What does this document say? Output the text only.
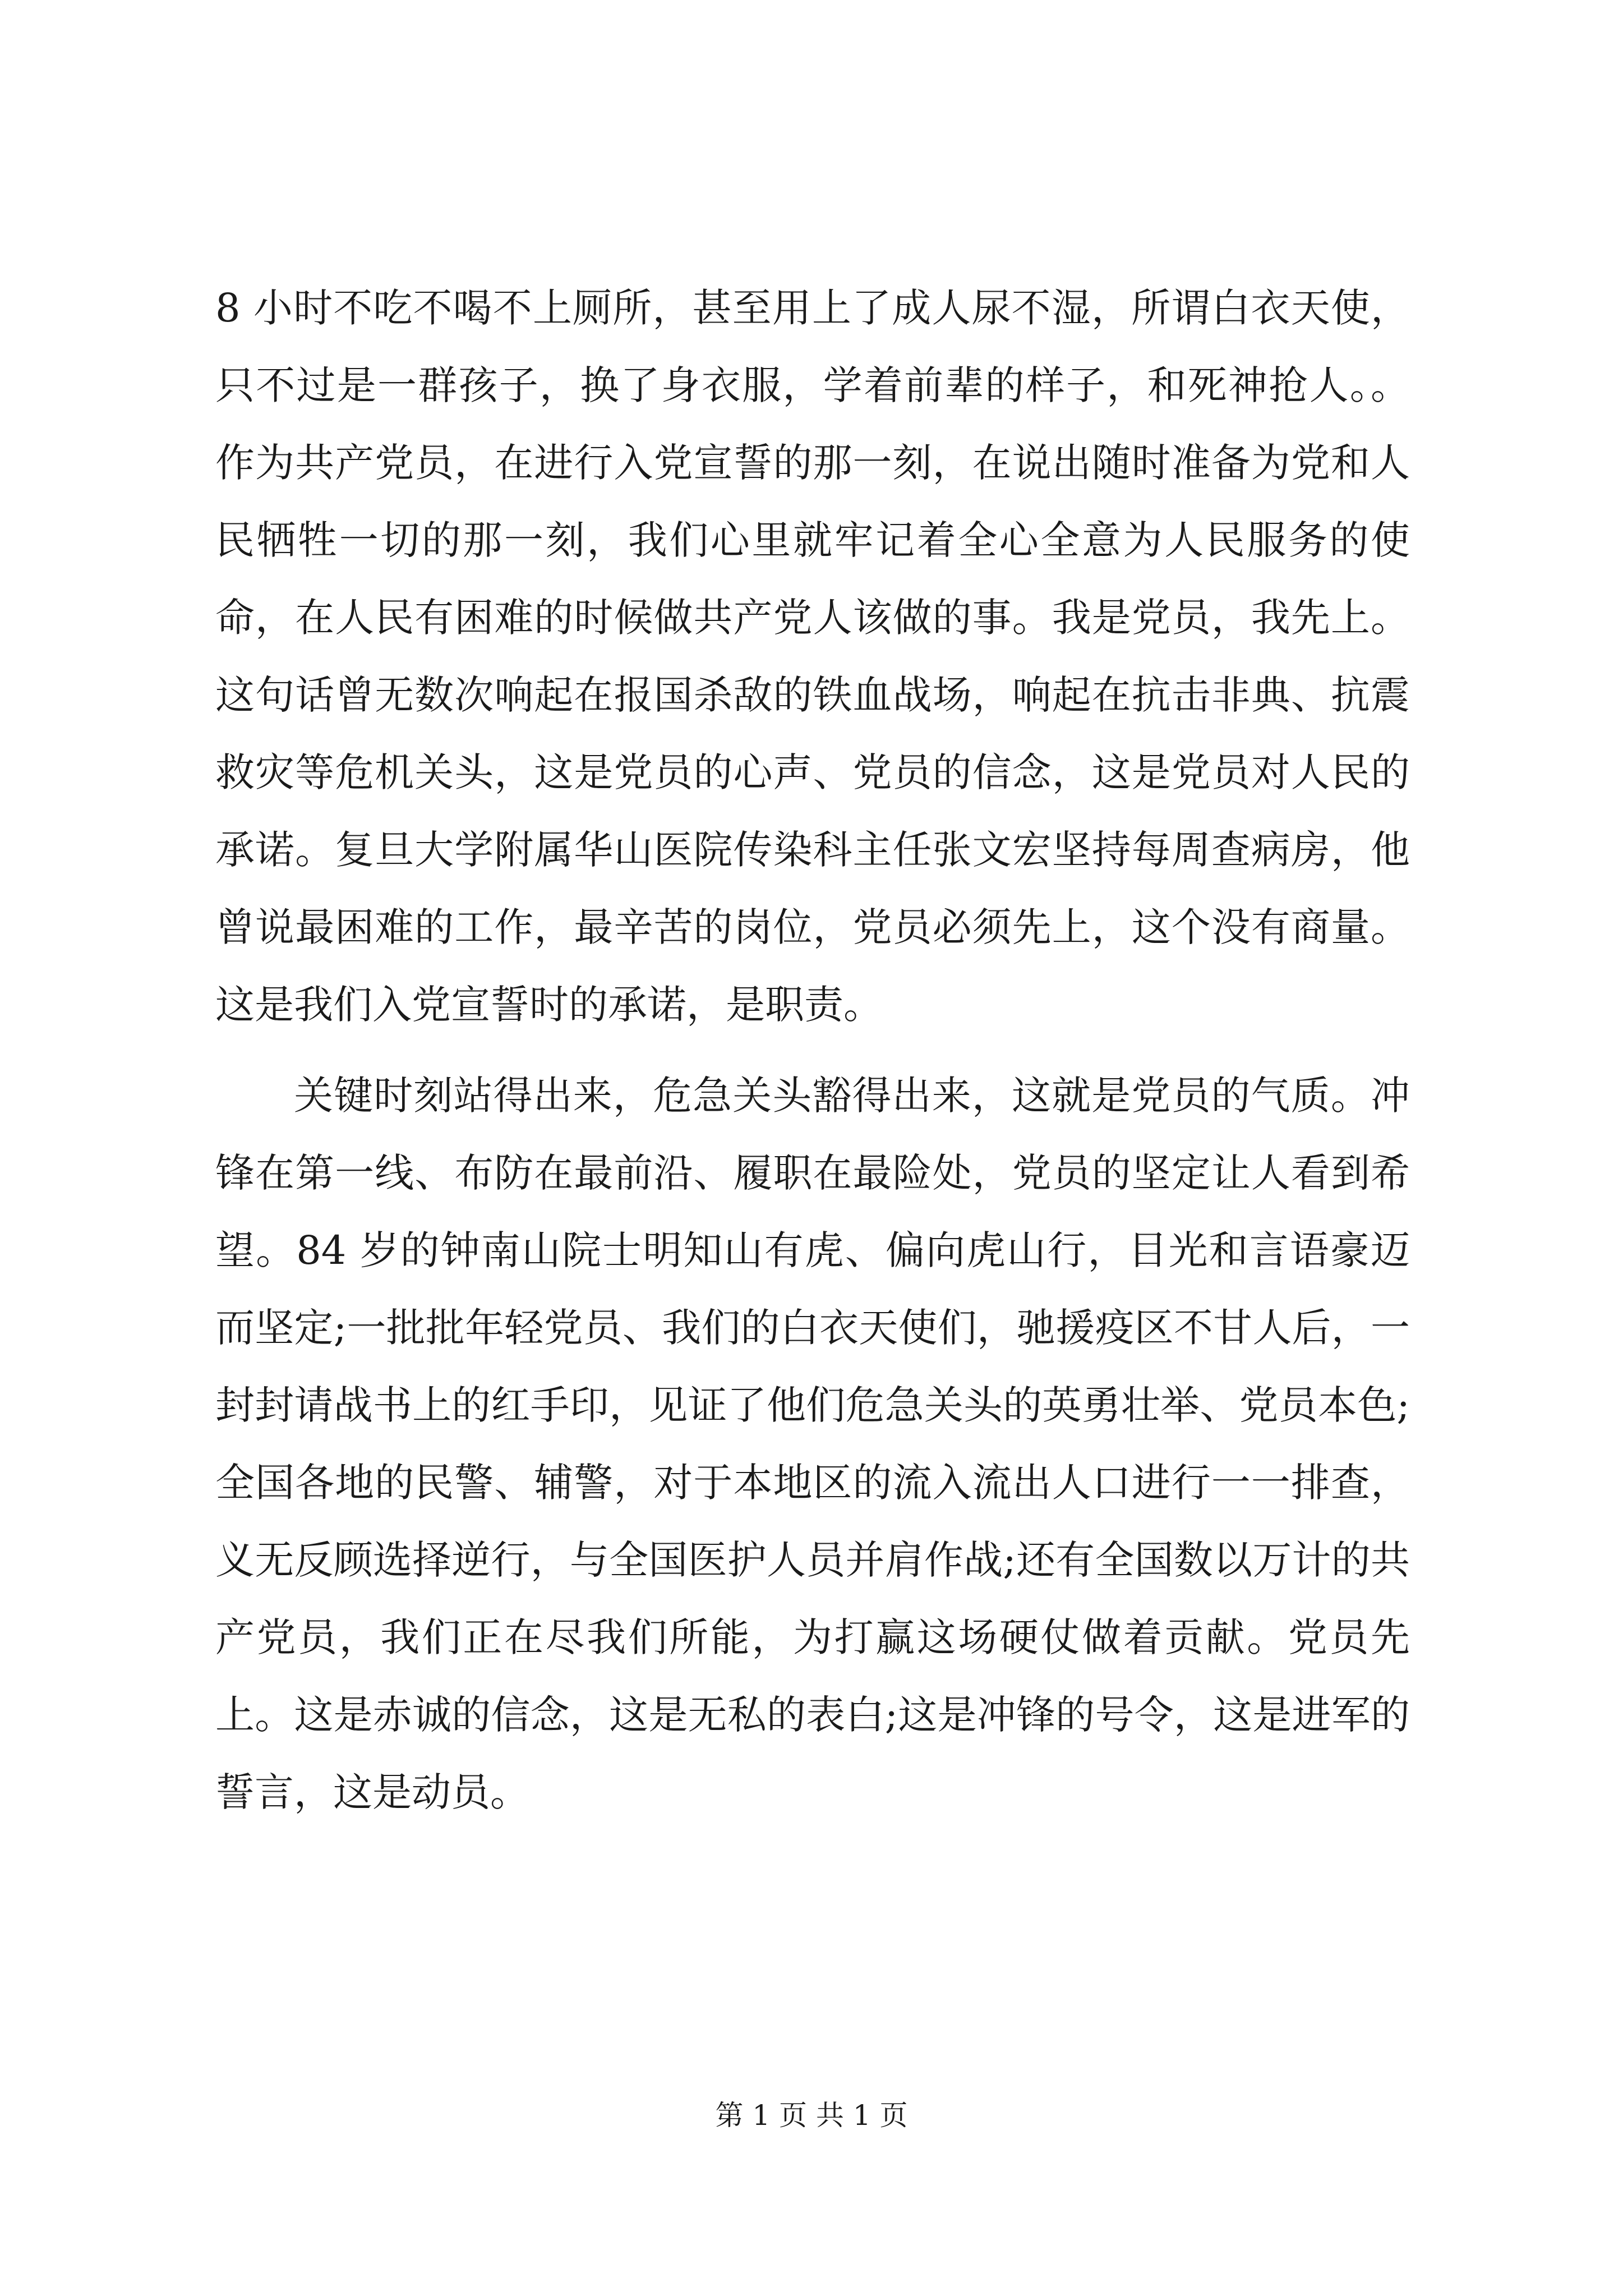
8 小时不吃不喝不上厕所，甚至用上了成人尿不湿，所谓白衣天使，只不过是一群孩子，换了身衣服，学着前辈的样子，和死神抢人。。作为共产党员，在进行入党宣誓的那一刻，在说出随时准备为党和人民牺牲一切的那一刻，我们心里就牢记着全心全意为人民服务的使命，在人民有困难的时候做共产党人该做的事。我是党员，我先上。这句话曾无数次响起在报国杀敌的铁血战场，响起在抗击非典、抗震救灾等危机关头，这是党员的心声、党员的信念，这是党员对人民的承诺。复旦大学附属华山医院传染科主任张文宏坚持每周查病房，他曾说最困难的工作，最辛苦的岗位，党员必须先上，这个没有商量。这是我们入党宣誓时的承诺，是职责。

关键时刻站得出来，危急关头豁得出来，这就是党员的气质。冲锋在第一线、布防在最前沿、履职在最险处，党员的坚定让人看到希望。84 岁的钟南山院士明知山有虎、偏向虎山行，目光和言语豪迈而坚定;一批批年轻党员、我们的白衣天使们，驰援疫区不甘人后，一封封请战书上的红手印，见证了他们危急关头的英勇壮举、党员本色;全国各地的民警、辅警，对于本地区的流入流出人口进行一一排查，义无反顾选择逆行，与全国医护人员并肩作战;还有全国数以万计的共产党员，我们正在尽我们所能，为打赢这场硬仗做着贡献。党员先上。这是赤诚的信念，这是无私的表白;这是冲锋的号令，这是进军的誓言，这是动员。

第 1 页 共 1 页
